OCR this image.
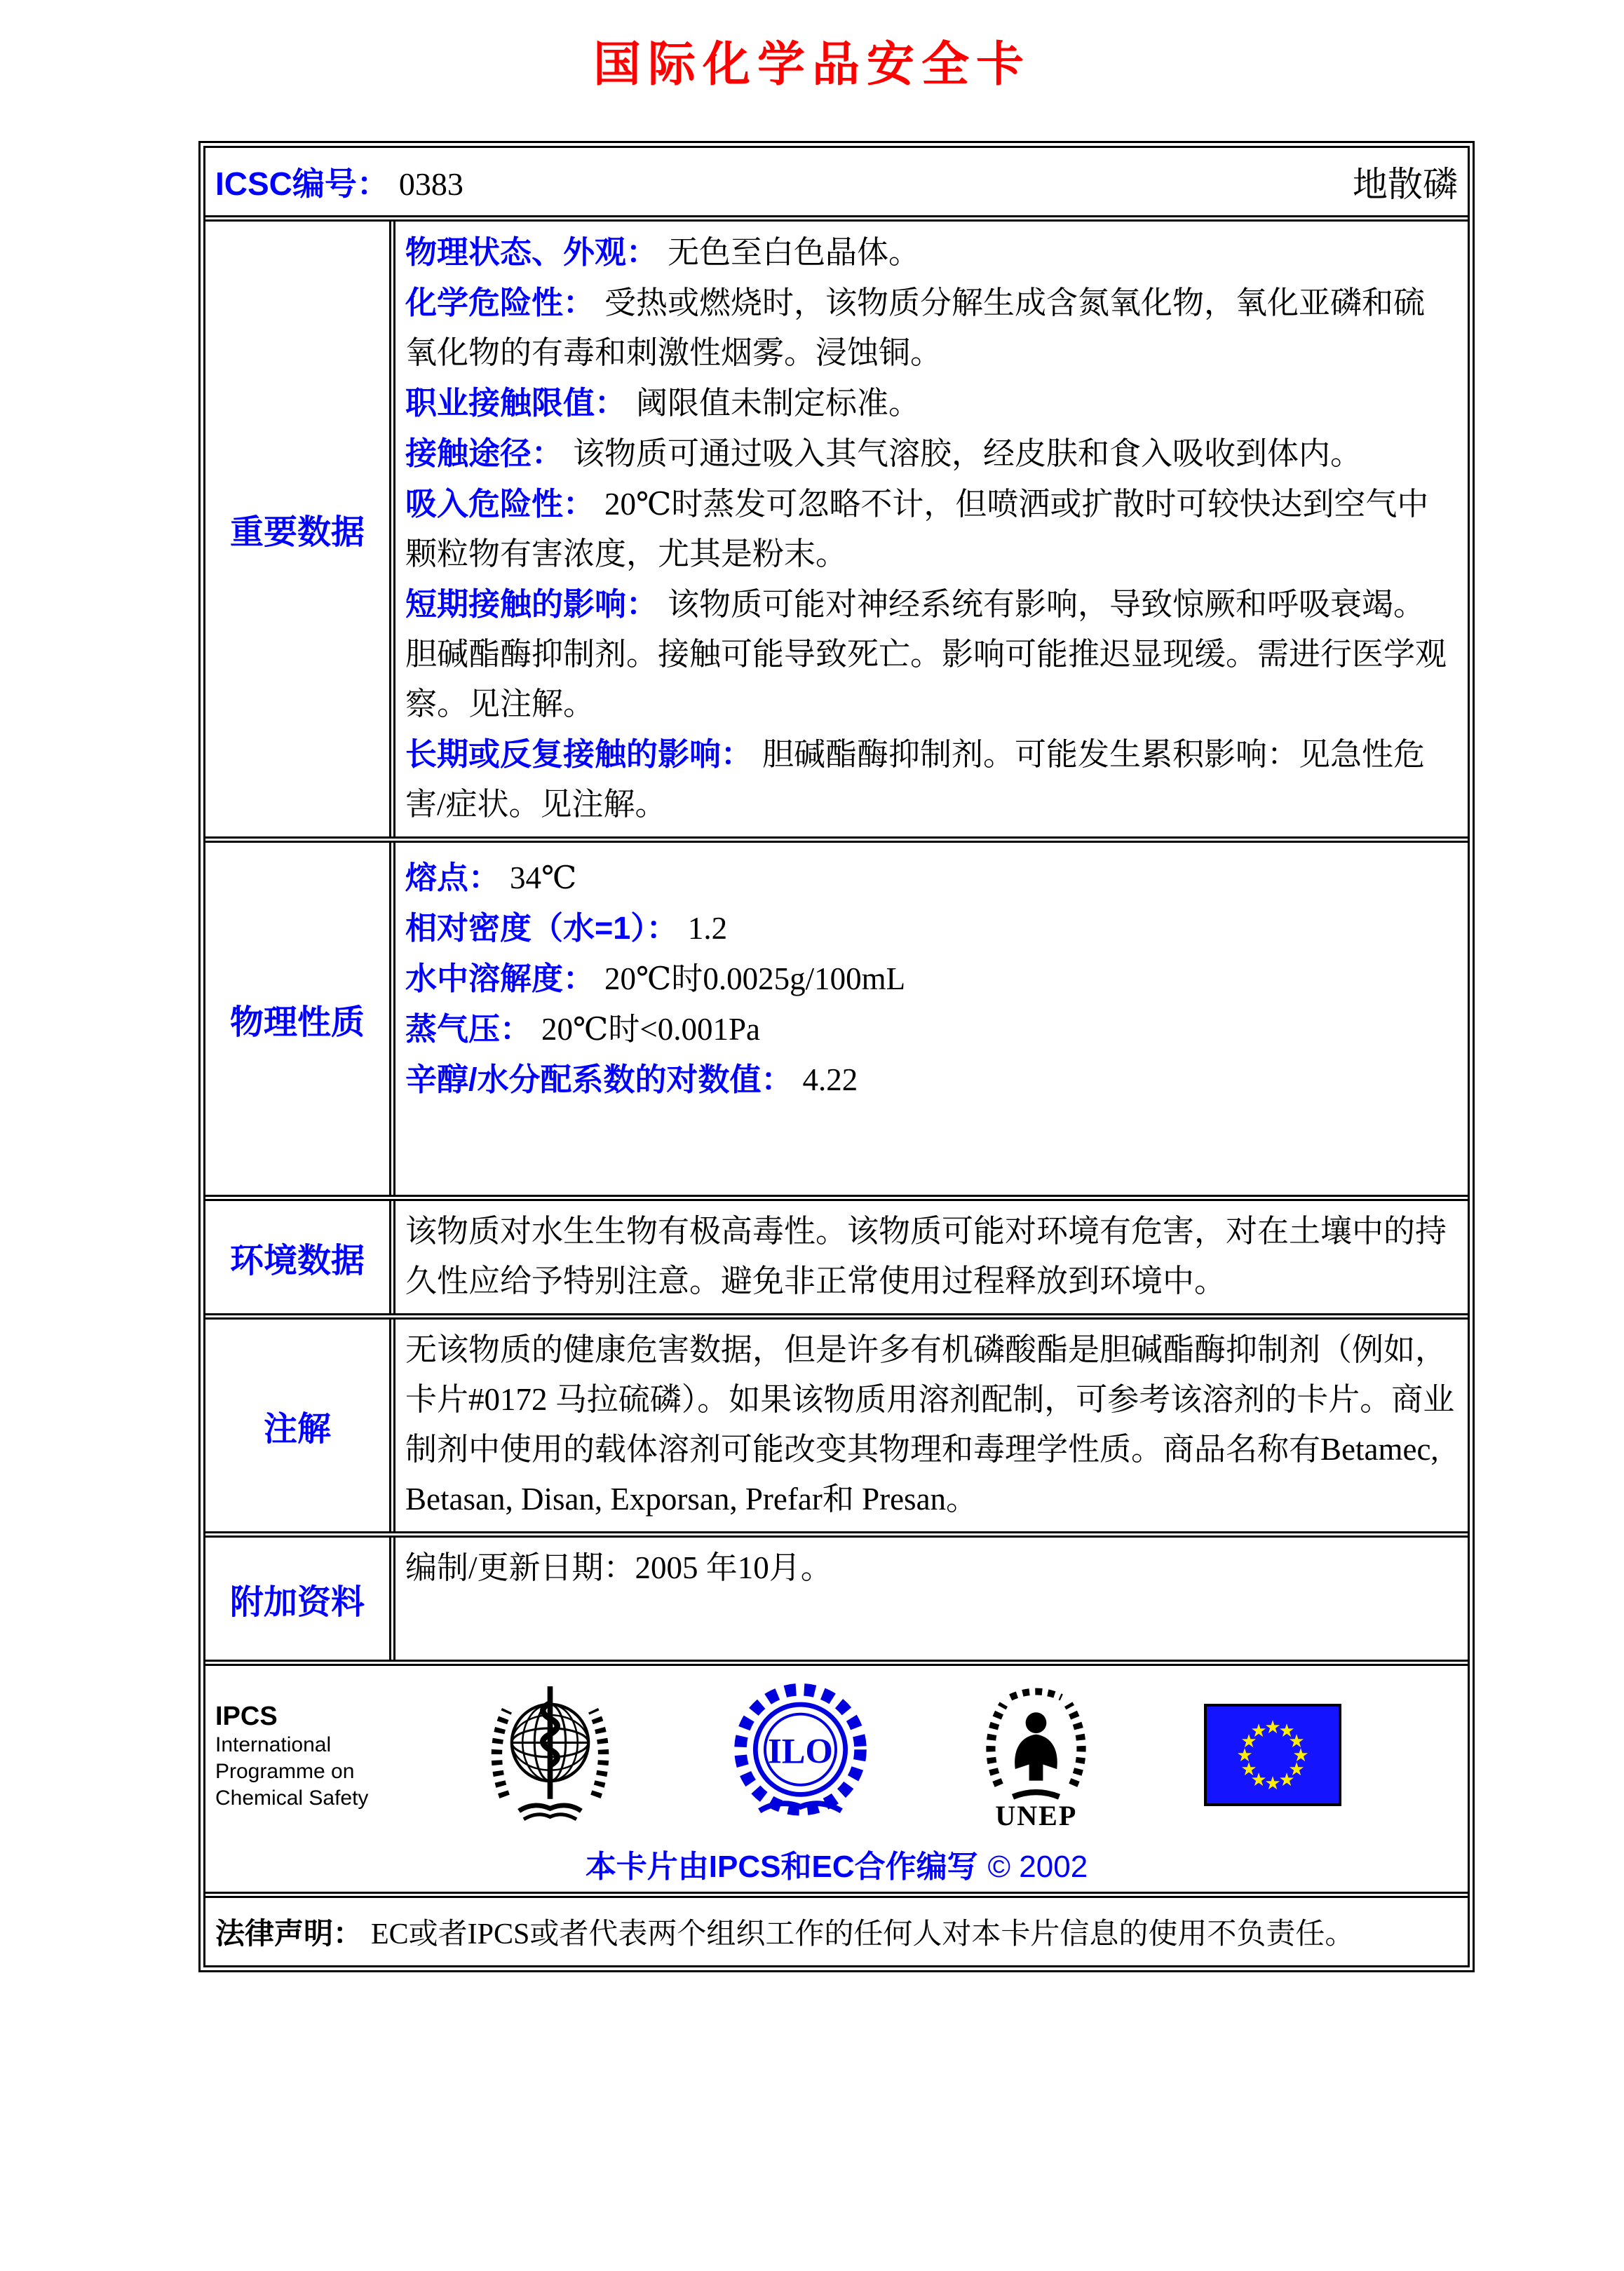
国际化学品安全卡
ICSC编号： 0383	地散磷
重要数据

物理状态、外观： 无色至白色晶体。

化学危险性： 受热或燃烧时，该物质分解生成含氮氧化物，氧化亚磷和硫氧化物的有毒和刺激性烟雾。浸蚀铜。

职业接触限值： 阈限值未制定标准。

接触途径： 该物质可通过吸入其气溶胶，经皮肤和食入吸收到体内。

吸入危险性： 20℃时蒸发可忽略不计，但喷洒或扩散时可较快达到空气中颗粒物有害浓度，尤其是粉末。

短期接触的影响： 该物质可能对神经系统有影响，导致惊厥和呼吸衰竭。胆碱酯酶抑制剂。接触可能导致死亡。影响可能推迟显现缓。需进行医学观察。见注解。

长期或反复接触的影响： 胆碱酯酶抑制剂。可能发生累积影响：见急性危害/症状。见注解。

物理性质

熔点： 34℃

相对密度（水=1）： 1.2

水中溶解度： 20℃时0.0025g/100mL

蒸气压： 20℃时<0.001Pa

辛醇/水分配系数的对数值： 4.22

环境数据

该物质对水生生物有极高毒性。该物质可能对环境有危害，对在土壤中的持久性应给予特别注意。避免非正常使用过程释放到环境中。

注解

无该物质的健康危害数据，但是许多有机磷酸酯是胆碱酯酶抑制剂（例如，卡片#0172 马拉硫磷）。如果该物质用溶剂配制，可参考该溶剂的卡片。商业制剂中使用的载体溶剂可能改变其物理和毒理学性质。商品名称有Betamec, Betasan, Disan, Exporsan, Prefar和 Presan。

附加资料

编制/更新日期：2005 年10月。

IPCS
International
Programme on
Chemical Safety
ILO
UNEP
★
★
★
★
★
★
★
★
★
★
★
★
本卡片由IPCS和EC合作编写 © 2002
法律声明： EC或者IPCS或者代表两个组织工作的任何人对本卡片信息的使用不负责任。
